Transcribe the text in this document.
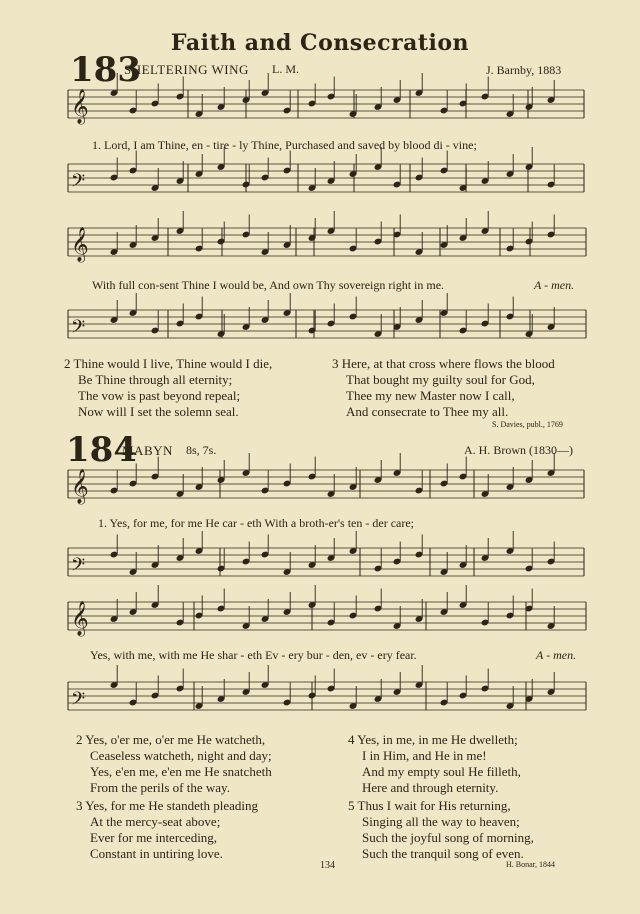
Faith and Consecration
183
SHELTERING WING L. M.	J. Barnby, 1883
𝄞
𝄢
𝄞
𝄢
𝄞
𝄢
𝄞
𝄢
1. Lord, I am Thine, en - tire - ly Thine, Purchased and saved by blood di - vine;
With full con-sent Thine I would be, And own Thy sovereign right in me.	A - men.
2 Thine would I live, Thine would I die,
Be Thine through all eternity;
The vow is past beyond repeal;
Now will I set the solemn seal.
3 Here, at that cross where flows the blood
That bought my guilty soul for God,
Thee my new Master now I call,
And consecrate to Thee my all.
S. Davies, publ., 1769
184
MABYN 8s, 7s.	A. H. Brown (1830—)
1. Yes, for me, for me He car - eth With a broth-er's ten - der care;
Yes, with me, with me He shar - eth Ev - ery bur - den, ev - ery fear.	A - men.
2 Yes, o'er me, o'er me He watcheth,
Ceaseless watcheth, night and day;
Yes, e'en me, e'en me He snatcheth
From the perils of the way.
3 Yes, for me He standeth pleading
At the mercy-seat above;
Ever for me interceding,
Constant in untiring love.
4 Yes, in me, in me He dwelleth;
I in Him, and He in me!
And my empty soul He filleth,
Here and through eternity.
5 Thus I wait for His returning,
Singing all the way to heaven;
Such the joyful song of morning,
Such the tranquil song of even.
134	H. Bonar, 1844
